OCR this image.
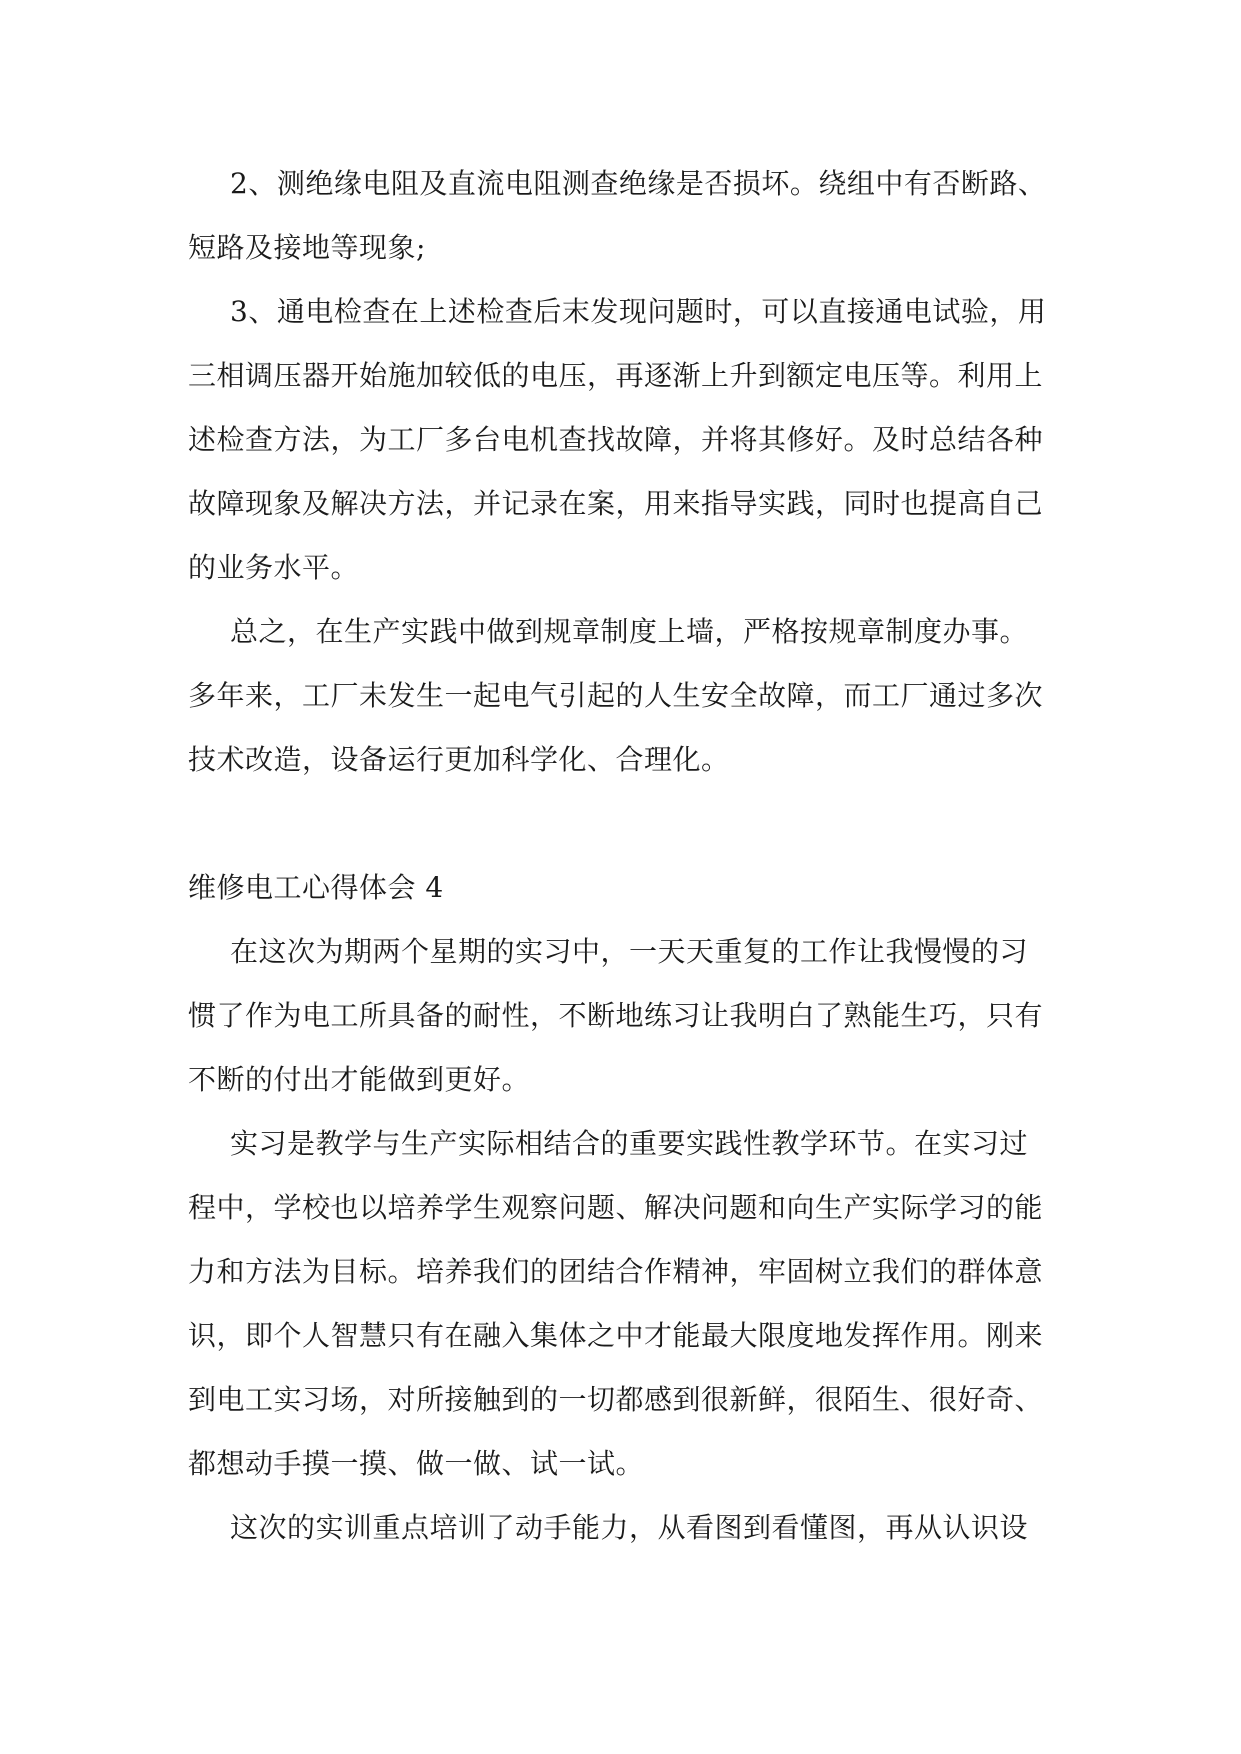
2、测绝缘电阻及直流电阻测查绝缘是否损坏。绕组中有否断路、
短路及接地等现象;
3、通电检查在上述检查后末发现问题时，可以直接通电试验，用
三相调压器开始施加较低的电压，再逐渐上升到额定电压等。利用上
述检查方法，为工厂多台电机查找故障，并将其修好。及时总结各种
故障现象及解决方法，并记录在案，用来指导实践，同时也提高自己
的业务水平。
总之，在生产实践中做到规章制度上墙，严格按规章制度办事。
多年来，工厂未发生一起电气引起的人生安全故障，而工厂通过多次
技术改造，设备运行更加科学化、合理化。
维修电工心得体会 4
在这次为期两个星期的实习中，一天天重复的工作让我慢慢的习
惯了作为电工所具备的耐性，不断地练习让我明白了熟能生巧，只有
不断的付出才能做到更好。
实习是教学与生产实际相结合的重要实践性教学环节。在实习过
程中，学校也以培养学生观察问题、解决问题和向生产实际学习的能
力和方法为目标。培养我们的团结合作精神，牢固树立我们的群体意
识，即个人智慧只有在融入集体之中才能最大限度地发挥作用。刚来
到电工实习场，对所接触到的一切都感到很新鲜，很陌生、很好奇、
都想动手摸一摸、做一做、试一试。
这次的实训重点培训了动手能力，从看图到看懂图，再从认识设
